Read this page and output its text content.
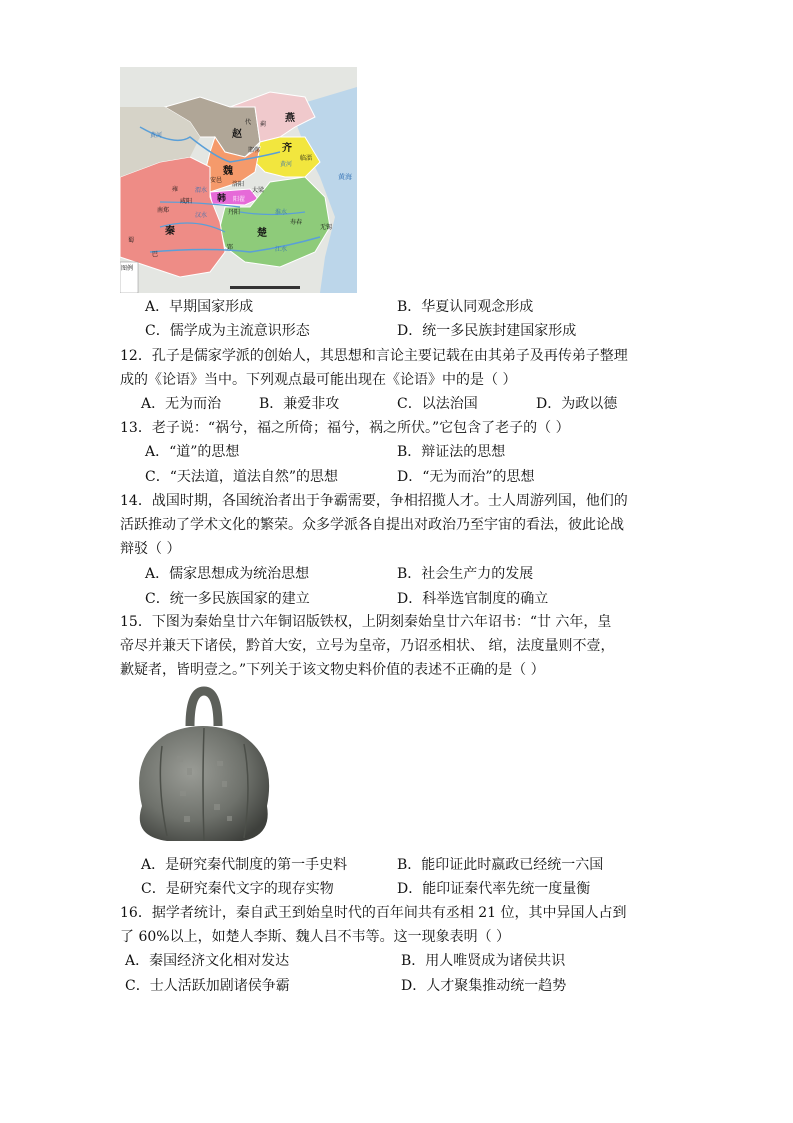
赵
燕
齐
魏
韩
秦	楚
代 蓟
邯郸
临淄
安邑
洛阳
大梁
雍
咸阳	阳翟
南郑	丹阳
寿春
无锡
蜀
巴
郢
黄河
黄河
渭水
汉水	淮水
江水
黄海
图例
A．早期国家形成	B．华夏认同观念形成
C．儒学成为主流意识形态	D．统一多民族封建国家形成
12．孔子是儒家学派的创始人，其思想和言论主要记载在由其弟子及再传弟子整理
成的《论语》当中。下列观点最可能出现在《论语》中的是（ ）
A．无为而治	B．兼爱非攻	C．以法治国	D．为政以德
13．老子说：“祸兮，福之所倚；福兮，祸之所伏。”它包含了老子的（ ）
A．“道”的思想	B．辩证法的思想
C．“天法道，道法自然”的思想	D．“无为而治”的思想
14．战国时期，各国统治者出于争霸需要，争相招揽人才。士人周游列国，他们的
活跃推动了学术文化的繁荣。众多学派各自提出对政治乃至宇宙的看法，彼此论战
辩驳（ ）
A．儒家思想成为统治思想	B．社会生产力的发展
C．统一多民族国家的建立	D．科举选官制度的确立
15．下图为秦始皇廿六年铜诏版铁权，上阴刻秦始皇廿六年诏书：“廿 六年，皇
帝尽并兼天下诸侯，黔首大安，立号为皇帝，乃诏丞相状、 绾，法度量则不壹，
歉疑者，皆明壹之。”下列关于该文物史料价值的表述不正确的是（ ）
A．是研究秦代制度的第一手史料	B．能印证此时嬴政已经统一六国
C．是研究秦代文字的现存实物	D．能印证秦代率先统一度量衡
16．据学者统计，秦自武王到始皇时代的百年间共有丞相 21 位，其中异国人占到
了 60%以上，如楚人李斯、魏人吕不韦等。这一现象表明（ ）
A．秦国经济文化相对发达	B．用人唯贤成为诸侯共识
C．士人活跃加剧诸侯争霸	D．人才聚集推动统一趋势
